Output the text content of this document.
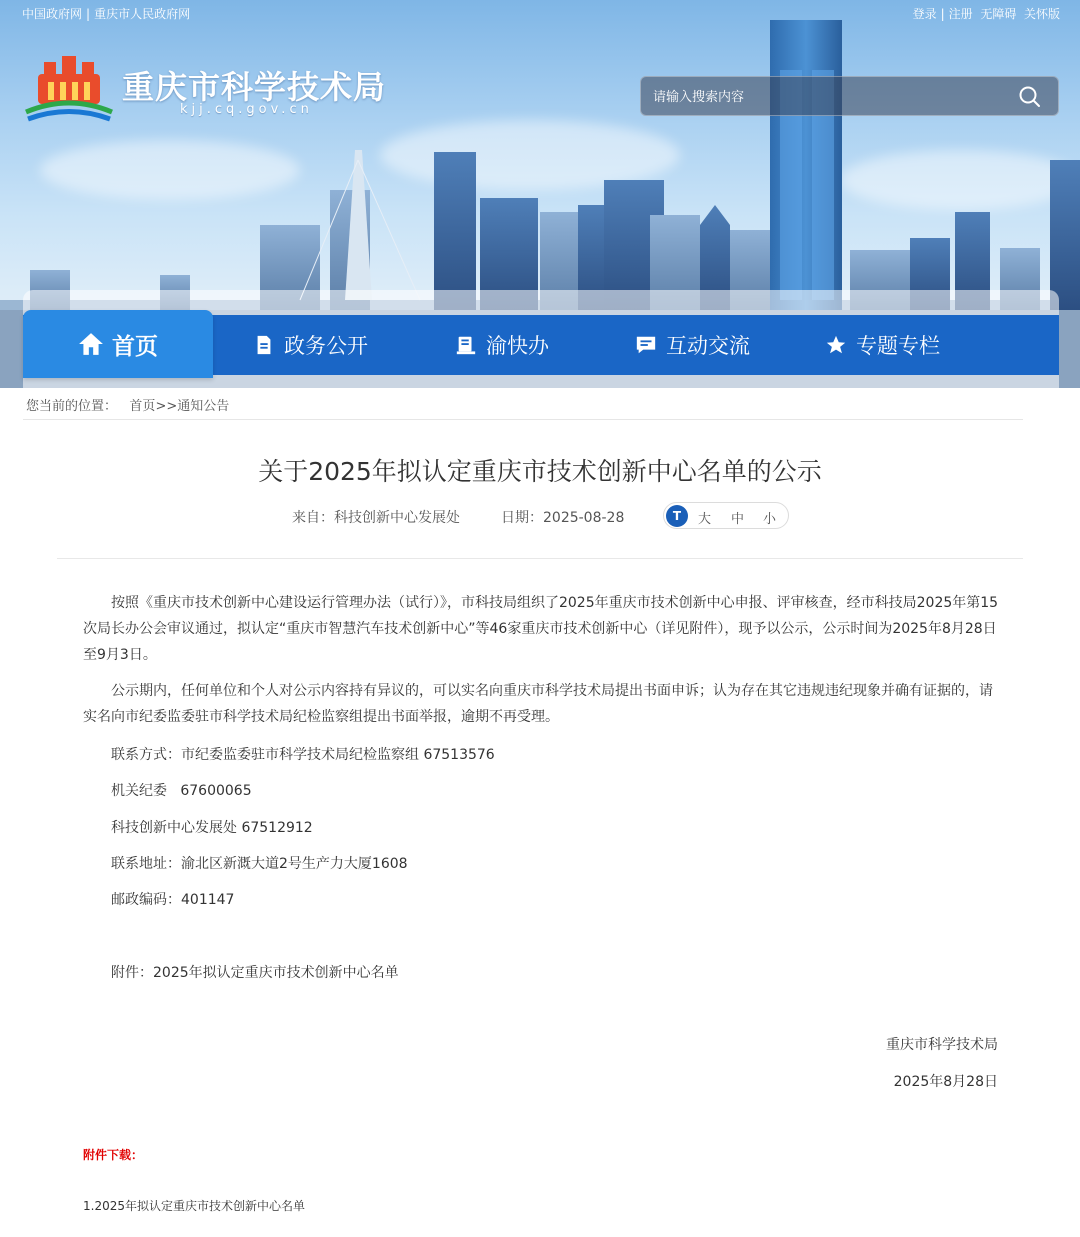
中国政府网 | 重庆市人民政府网	登录 | 注册 无障碍 关怀版
重庆市科学技术局
kjj.cq.gov.cn
请输入搜索内容
政务公开	渝快办	互动交流	专题专栏
首页
您当前的位置： 首页>>通知公告
关于2025年拟认定重庆市技术创新中心名单的公示
来自：科技创新中心发展处	日期：2025-08-28	T	大 中 小
按照《重庆市技术创新中心建设运行管理办法（试行）》，市科技局组织了2025年重庆市技术创新中心申报、评审核查，经市科技局2025年第15次局长办公会审议通过，拟认定“重庆市智慧汽车技术创新中心”等46家重庆市技术创新中心（详见附件），现予以公示，公示时间为2025年8月28日至9月3日。
公示期内，任何单位和个人对公示内容持有异议的，可以实名向重庆市科学技术局提出书面申诉；认为存在其它违规违纪现象并确有证据的，请实名向市纪委监委驻市科学技术局纪检监察组提出书面举报，逾期不再受理。
联系方式：市纪委监委驻市科学技术局纪检监察组 67513576
机关纪委   67600065
科技创新中心发展处 67512912
联系地址：渝北区新溉大道2号生产力大厦1608
邮政编码：401147
附件：2025年拟认定重庆市技术创新中心名单
重庆市科学技术局
2025年8月28日
附件下载：
1.2025年拟认定重庆市技术创新中心名单
